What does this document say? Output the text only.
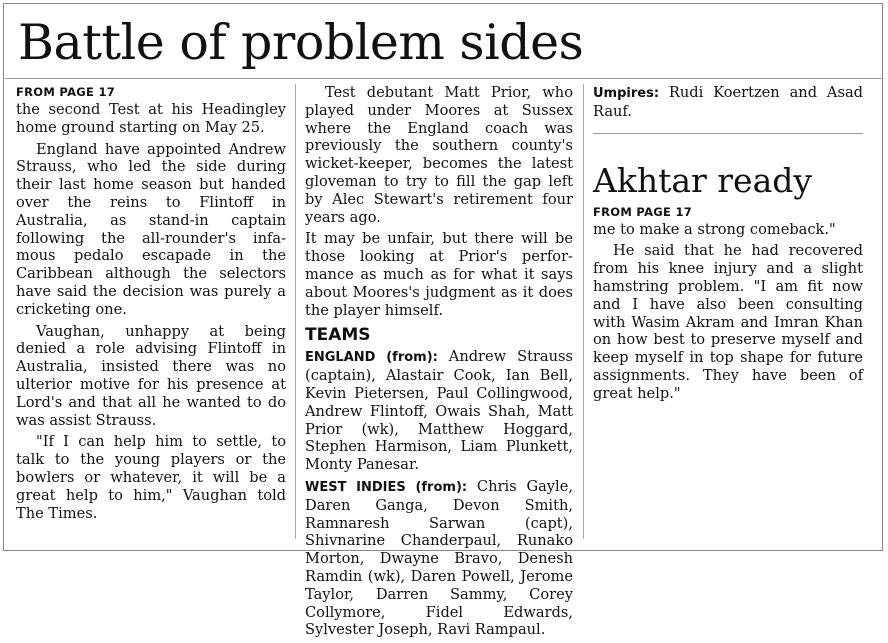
Battle of problem sides
FROM PAGE 17

the second Test at his Headingley home ground starting on May 25.

England have appointed Andrew Strauss, who led the side during their last home season but handed over the reins to Flintoff in Australia, as stand-in captain following the all-rounder's infa-mous pedalo escapade in the Caribbean although the selectors have said the decision was purely a cricketing one.

Vaughan, unhappy at being denied a role advising Flintoff in Australia, insisted there was no ulterior motive for his presence at Lord's and that all he wanted to do was assist Strauss.

"If I can help him to settle, to talk to the young players or the bowlers or whatever, it will be a great help to him," Vaughan told The Times.

Test debutant Matt Prior, who played under Moores at Sussex where the England coach was previously the southern county's wicket-keeper, becomes the latest gloveman to try to fill the gap left by Alec Stewart's retirement four years ago.

It may be unfair, but there will be those looking at Prior's perfor-mance as much as for what it says about Moores's judgment as it does the player himself.

TEAMS

ENGLAND (from): Andrew Strauss (captain), Alastair Cook, Ian Bell, Kevin Pietersen, Paul Collingwood, Andrew Flintoff, Owais Shah, Matt Prior (wk), Matthew Hoggard, Stephen Harmison, Liam Plunkett, Monty Panesar.

WEST INDIES (from): Chris Gayle, Daren Ganga, Devon Smith, Ramnaresh Sarwan (capt), Shivnarine Chanderpaul, Runako Morton, Dwayne Bravo, Denesh Ramdin (wk), Daren Powell, Jerome Taylor, Darren Sammy, Corey Collymore, Fidel Edwards, Sylvester Joseph, Ravi Rampaul.

Umpires: Rudi Koertzen and Asad Rauf.

Akhtar ready
FROM PAGE 17

me to make a strong comeback."

He said that he had recovered from his knee injury and a slight hamstring problem. "I am fit now and I have also been consulting with Wasim Akram and Imran Khan on how best to preserve myself and keep myself in top shape for future assignments. They have been of great help."
